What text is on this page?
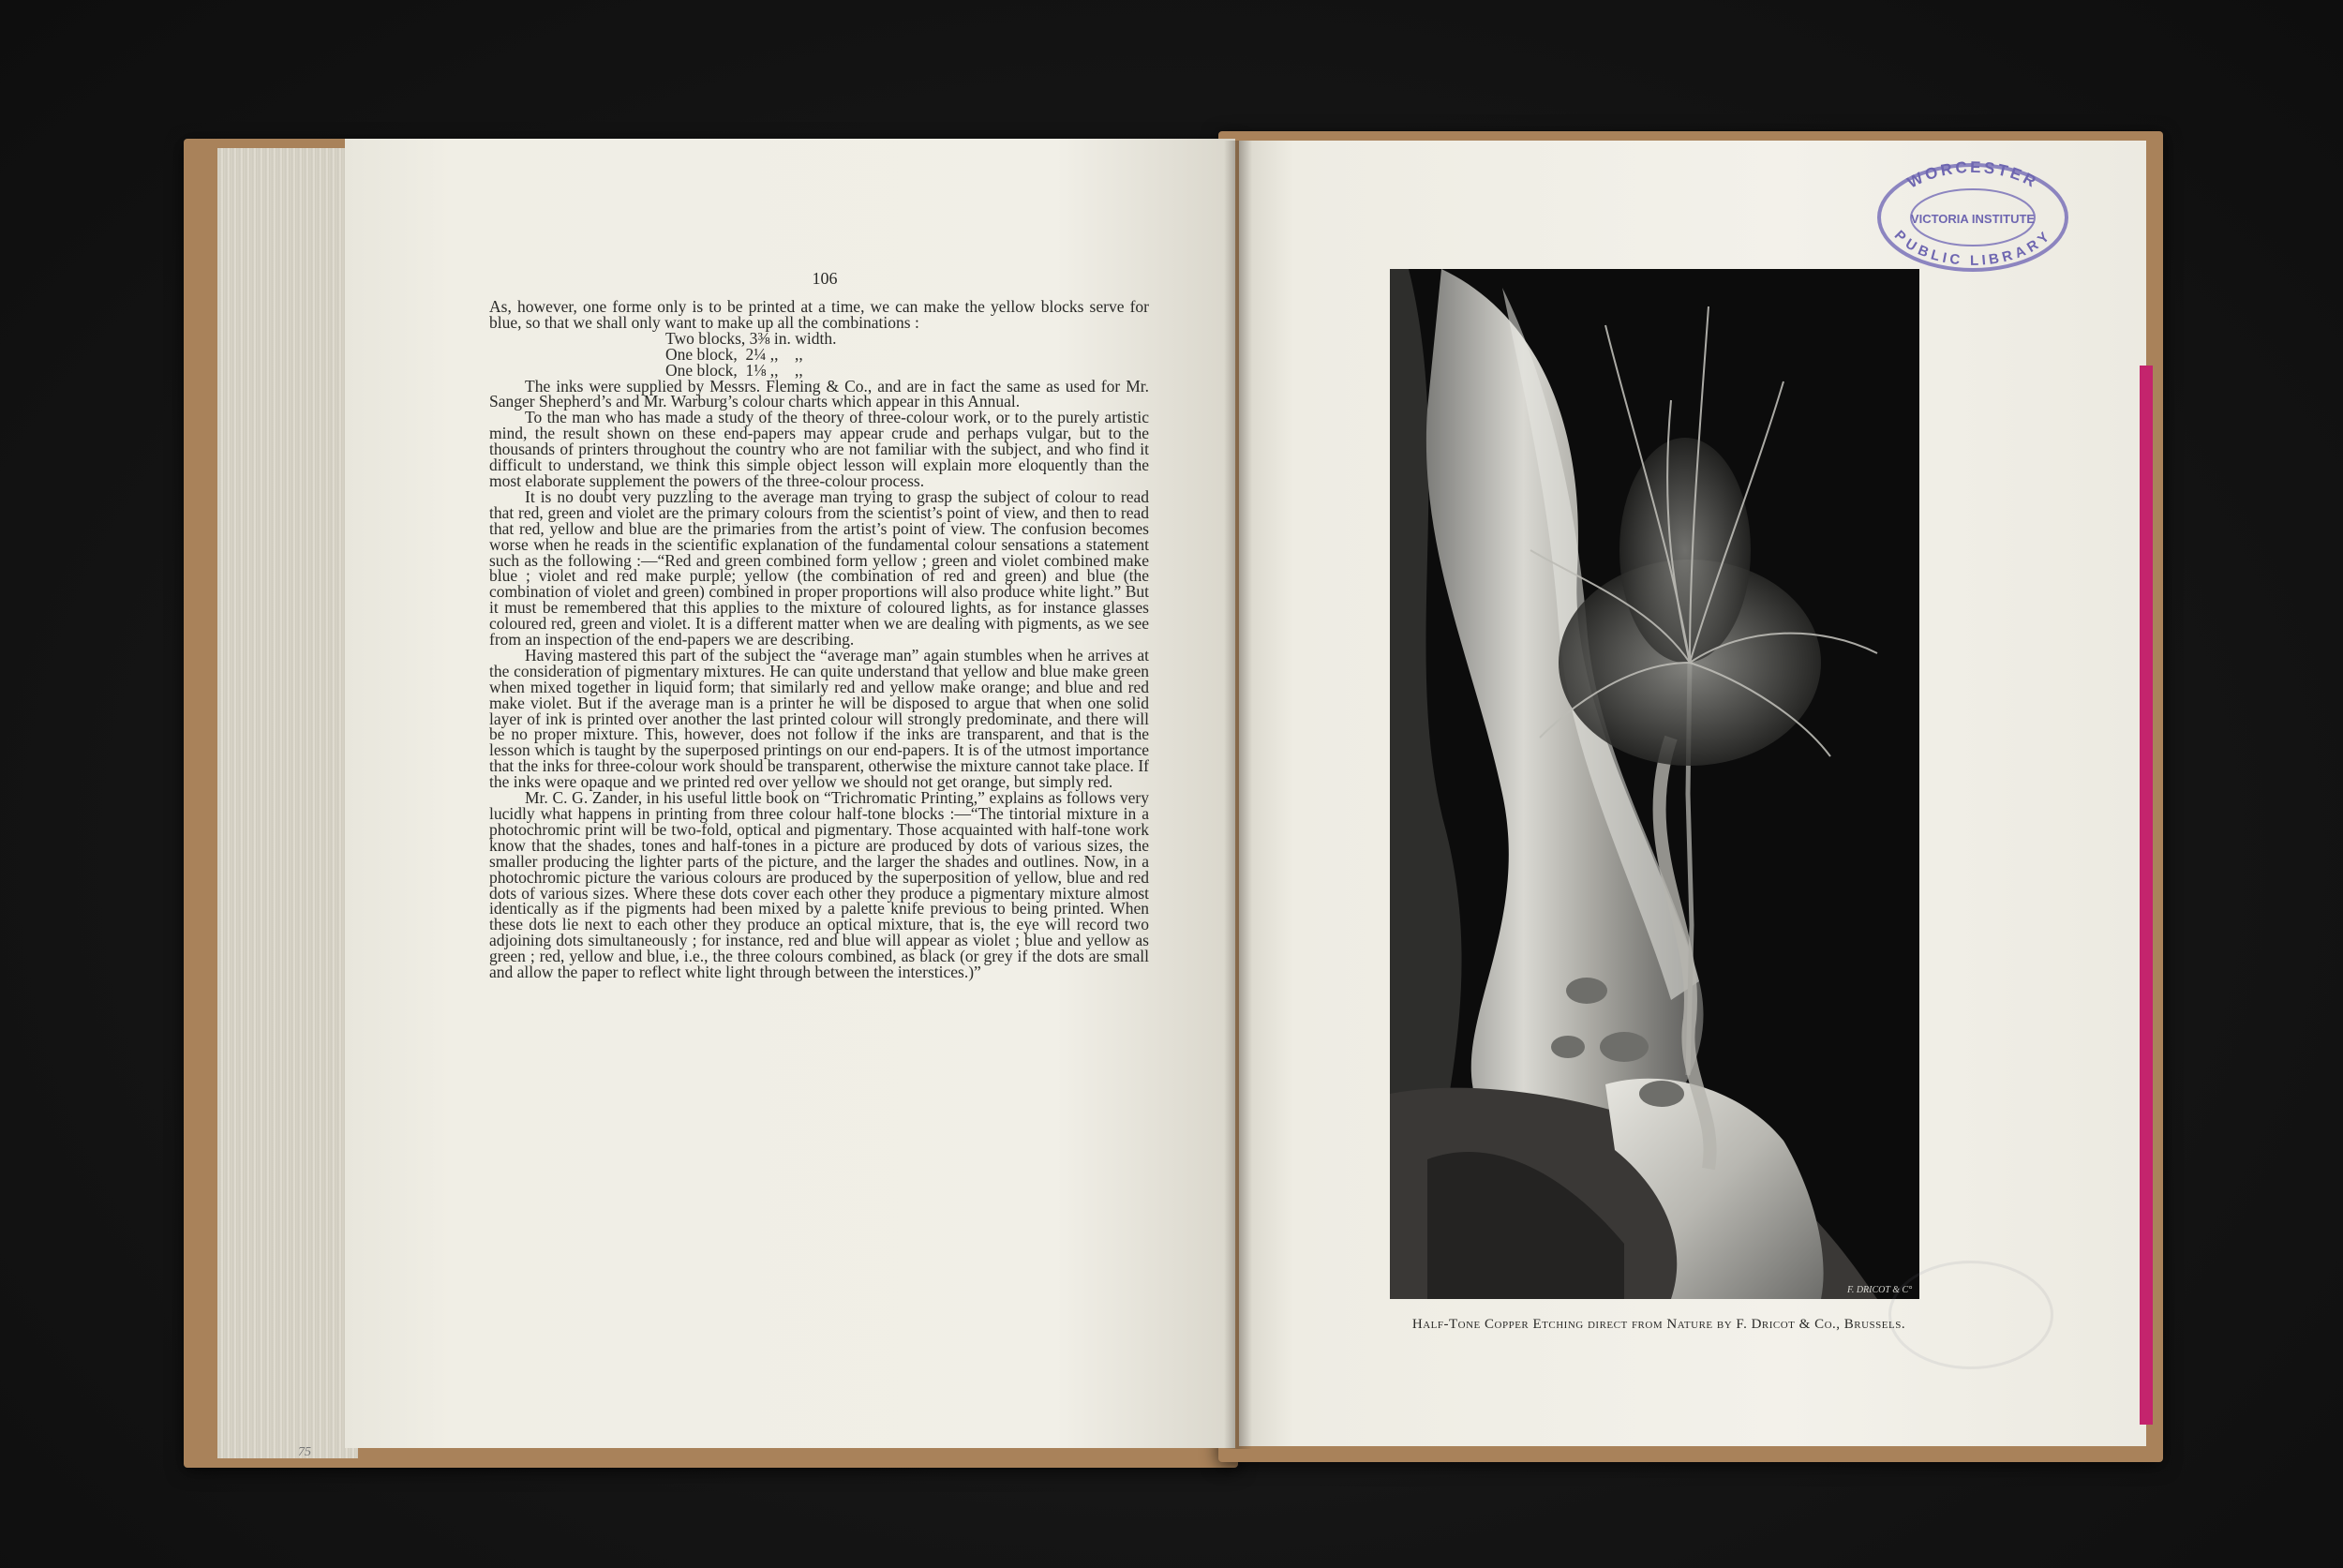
106

As, however, one forme only is to be printed at a time, we can make the yellow blocks serve for blue, so that we shall only want to make up all the combinations :

Two blocks, 3⅜ in. width.
One block,  2¼ ,,    ,,
One block,  1⅛ ,,    ,,

The inks were supplied by Messrs. Fleming & Co., and are in fact the same as used for Mr. Sanger Shepherd’s and Mr. Warburg’s colour charts which appear in this Annual.

To the man who has made a study of the theory of three-colour work, or to the purely artistic mind, the result shown on these end-papers may appear crude and perhaps vulgar, but to the thousands of printers throughout the country who are not familiar with the subject, and who find it difficult to understand, we think this simple object lesson will explain more eloquently than the most elaborate supplement the powers of the three-colour process.

It is no doubt very puzzling to the average man trying to grasp the subject of colour to read that red, green and violet are the primary colours from the scientist’s point of view, and then to read that red, yellow and blue are the primaries from the artist’s point of view. The confusion becomes worse when he reads in the scientific explanation of the fundamental colour sensations a statement such as the following :—“Red and green combined form yellow ; green and violet combined make blue ; violet and red make purple; yellow (the combination of red and green) and blue (the combination of violet and green) combined in proper proportions will also produce white light.” But it must be remembered that this applies to the mixture of coloured lights, as for instance glasses coloured red, green and violet. It is a different matter when we are dealing with pigments, as we see from an inspection of the end-papers we are describing.

Having mastered this part of the subject the “average man” again stumbles when he arrives at the consideration of pigmentary mixtures. He can quite understand that yellow and blue make green when mixed together in liquid form; that similarly red and yellow make orange; and blue and red make violet. But if the average man is a printer he will be disposed to argue that when one solid layer of ink is printed over another the last printed colour will strongly predominate, and there will be no proper mixture. This, however, does not follow if the inks are transparent, and that is the lesson which is taught by the superposed printings on our end-papers. It is of the utmost importance that the inks for three-colour work should be transparent, otherwise the mixture cannot take place. If the inks were opaque and we printed red over yellow we should not get orange, but simply red.

Mr. C. G. Zander, in his useful little book on “Trichromatic Printing,” explains as follows very lucidly what happens in printing from three colour half-tone blocks :—“The tintorial mixture in a photochromic print will be two-fold, optical and pigmentary. Those acquainted with half-tone work know that the shades, tones and half-tones in a picture are produced by dots of various sizes, the smaller producing the lighter parts of the picture, and the larger the shades and outlines. Now, in a photochromic picture the various colours are produced by the superposition of yellow, blue and red dots of various sizes. Where these dots cover each other they produce a pigmentary mixture almost identically as if the pigments had been mixed by a palette knife previous to being printed. When these dots lie next to each other they produce an optical mixture, that is, the eye will record two adjoining dots simultaneously ; for instance, red and blue will appear as violet ; blue and yellow as green ; red, yellow and blue, i.e., the three colours combined, as black (or grey if the dots are small and allow the paper to reflect white light through between the interstices.)”

75
F. DRICOT & C°
Half-Tone Copper Etching direct from Nature by F. Dricot & Co., Brussels.
WORCESTER
VICTORIA INSTITUTE
PUBLIC LIBRARY
